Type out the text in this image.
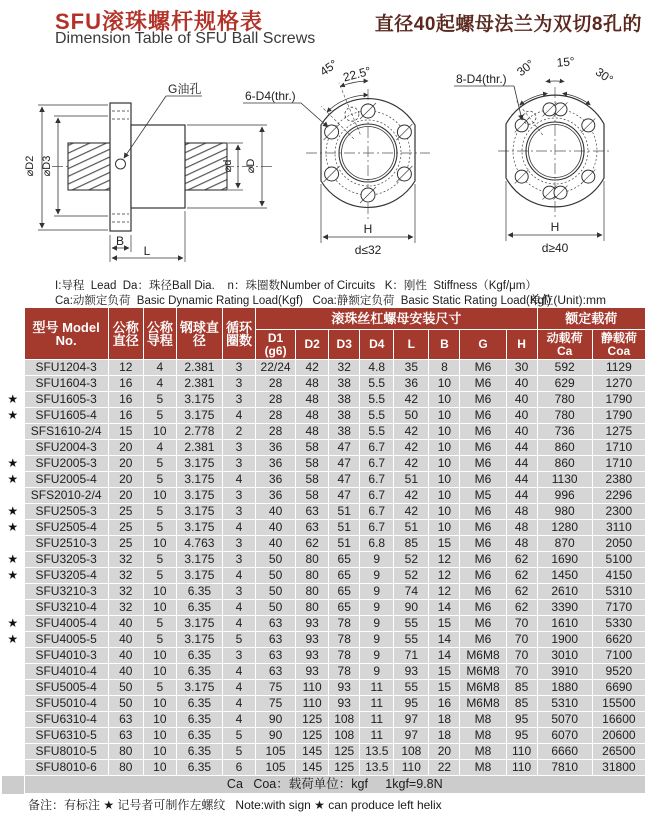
SFU滚珠螺杆规格表
Dimension Table of SFU Ball Screws
直径40起螺母法兰为双切8孔的
G油孔
⌀D2 ⌀D3	⌀d ⌀D
B
L
45° 22.5°
6-D4(thr.)
H
d≤32
30° 15°
30°
8-D4(thr.)
H
d≥40
I:导程  Lead  Da：珠径Ball Dia.    n：珠圈数Number of Circuits   K：刚性  Stiffness（Kgf/μm）
Ca:动额定负荷  Basic Dynamic Rating Load(Kgf)   Coa:静额定负荷  Basic Static Rating Load(Kgf)
单位(Unit):mm
	型号 Model No.	公称直径	公称导程	钢球直径	循环圈数	滚珠丝杠螺母安装尺寸								额定载荷	
						D1 (g6)	D2	D3	D4	L	B	G	H	动载荷 Ca	静载荷 Coa
	SFU1204-3	12	4	2.381	3	22/24	42	32	4.8	35	8	M6	30	592	1129
	SFU1604-3	16	4	2.381	3	28	48	38	5.5	36	10	M6	40	629	1270
★	SFU1605-3	16	5	3.175	3	28	48	38	5.5	42	10	M6	40	780	1790
★	SFU1605-4	16	5	3.175	4	28	48	38	5.5	50	10	M6	40	780	1790
	SFS1610-2/4	15	10	2.778	2	28	48	38	5.5	42	10	M6	40	736	1275
	SFU2004-3	20	4	2.381	3	36	58	47	6.7	42	10	M6	44	860	1710
★	SFU2005-3	20	5	3.175	3	36	58	47	6.7	42	10	M6	44	860	1710
★	SFU2005-4	20	5	3.175	4	36	58	47	6.7	51	10	M6	44	1130	2380
	SFS2010-2/4	20	10	3.175	3	36	58	47	6.7	42	10	M5	44	996	2296
★	SFU2505-3	25	5	3.175	3	40	63	51	6.7	42	10	M6	48	980	2300
★	SFU2505-4	25	5	3.175	4	40	63	51	6.7	51	10	M6	48	1280	3110
	SFU2510-3	25	10	4.763	3	40	62	51	6.8	85	15	M6	48	870	2050
★	SFU3205-3	32	5	3.175	3	50	80	65	9	52	12	M6	62	1690	5100
★	SFU3205-4	32	5	3.175	4	50	80	65	9	52	12	M6	62	1450	4150
	SFU3210-3	32	10	6.35	3	50	80	65	9	74	12	M6	62	2610	5310
	SFU3210-4	32	10	6.35	4	50	80	65	9	90	14	M6	62	3390	7170
★	SFU4005-4	40	5	3.175	4	63	93	78	9	55	15	M6	70	1610	5330
★	SFU4005-5	40	5	3.175	5	63	93	78	9	55	14	M6	70	1900	6620
	SFU4010-3	40	10	6.35	3	63	93	78	9	71	14	M6M8	70	3010	7100
	SFU4010-4	40	10	6.35	4	63	93	78	9	93	15	M6M8	70	3910	9520
	SFU5005-4	50	5	3.175	4	75	110	93	11	55	15	M6M8	85	1880	6690
	SFU5010-4	50	10	6.35	4	75	110	93	11	95	16	M6M8	85	5310	15500
	SFU6310-4	63	10	6.35	4	90	125	108	11	97	18	M8	95	5070	16600
	SFU6310-5	63	10	6.35	5	90	125	108	11	97	18	M8	95	6070	20600
	SFU8010-5	80	10	6.35	5	105	145	125	13.5	108	20	M8	110	6660	26500
	SFU8010-6	80	10	6.35	6	105	145	125	13.5	110	22	M8	110	7810	31800
	Ca   Coa：载荷单位：kgf     1kgf=9.8N														
备注：有标注 ★ 记号者可制作左螺纹   Note:with sign ★ can produce left helix
